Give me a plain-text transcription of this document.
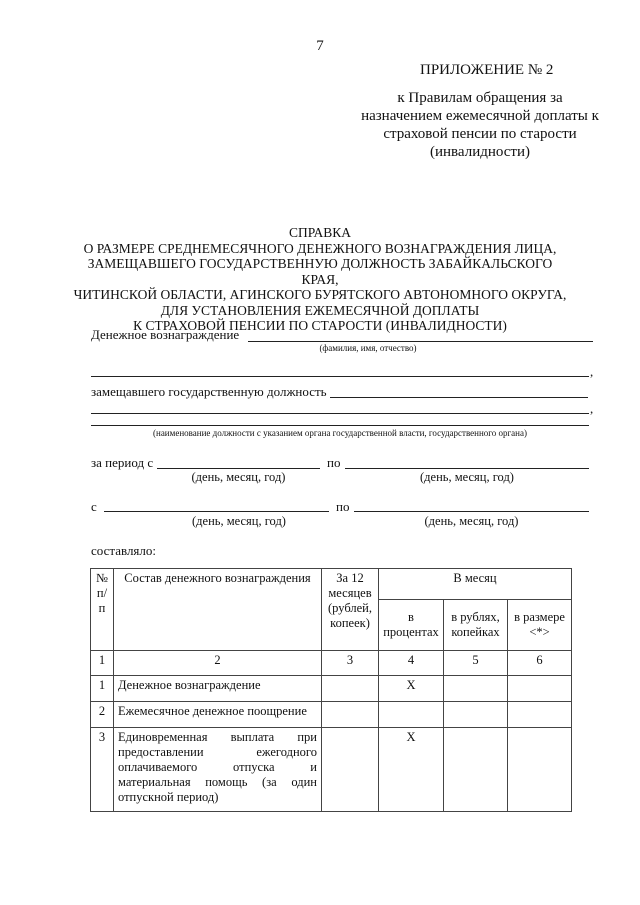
7
ПРИЛОЖЕНИЕ № 2
к Правилам обращения за
назначением ежемесячной доплаты к
страховой пенсии по старости
(инвалидности)
СПРАВКА
О РАЗМЕРЕ СРЕДНЕМЕСЯЧНОГО ДЕНЕЖНОГО ВОЗНАГРАЖДЕНИЯ ЛИЦА,
ЗАМЕЩАВШЕГО ГОСУДАРСТВЕННУЮ ДОЛЖНОСТЬ ЗАБАЙКАЛЬСКОГО КРАЯ,
ЧИТИНСКОЙ ОБЛАСТИ, АГИНСКОГО БУРЯТСКОГО АВТОНОМНОГО ОКРУГА,
ДЛЯ УСТАНОВЛЕНИЯ ЕЖЕМЕСЯЧНОЙ ДОПЛАТЫ
К СТРАХОВОЙ ПЕНСИИ ПО СТАРОСТИ (ИНВАЛИДНОСТИ)
Денежное вознаграждение
(фамилия, имя, отчество)
,
замещавшего государственную должность
,
(наименование должности с указанием органа государственной власти, государственного органа)
за период с	по
(день, месяц, год)	(день, месяц, год)
с	по
(день, месяц, год)	(день, месяц, год)
составляло:
№ п/п	Состав денежного вознаграждения	За 12 месяцев (рублей, копеек)	В месяц		
			в процентах	в рублях, копейках	в размере <*>
1	2	3	4	5	6
1	Денежное вознаграждение		X		
2	Ежемесячное денежное поощрение				
3	Единовременная выплата при предоставлении ежегодного оплачиваемого отпуска и материальная помощь (за один отпускной период)		X		
